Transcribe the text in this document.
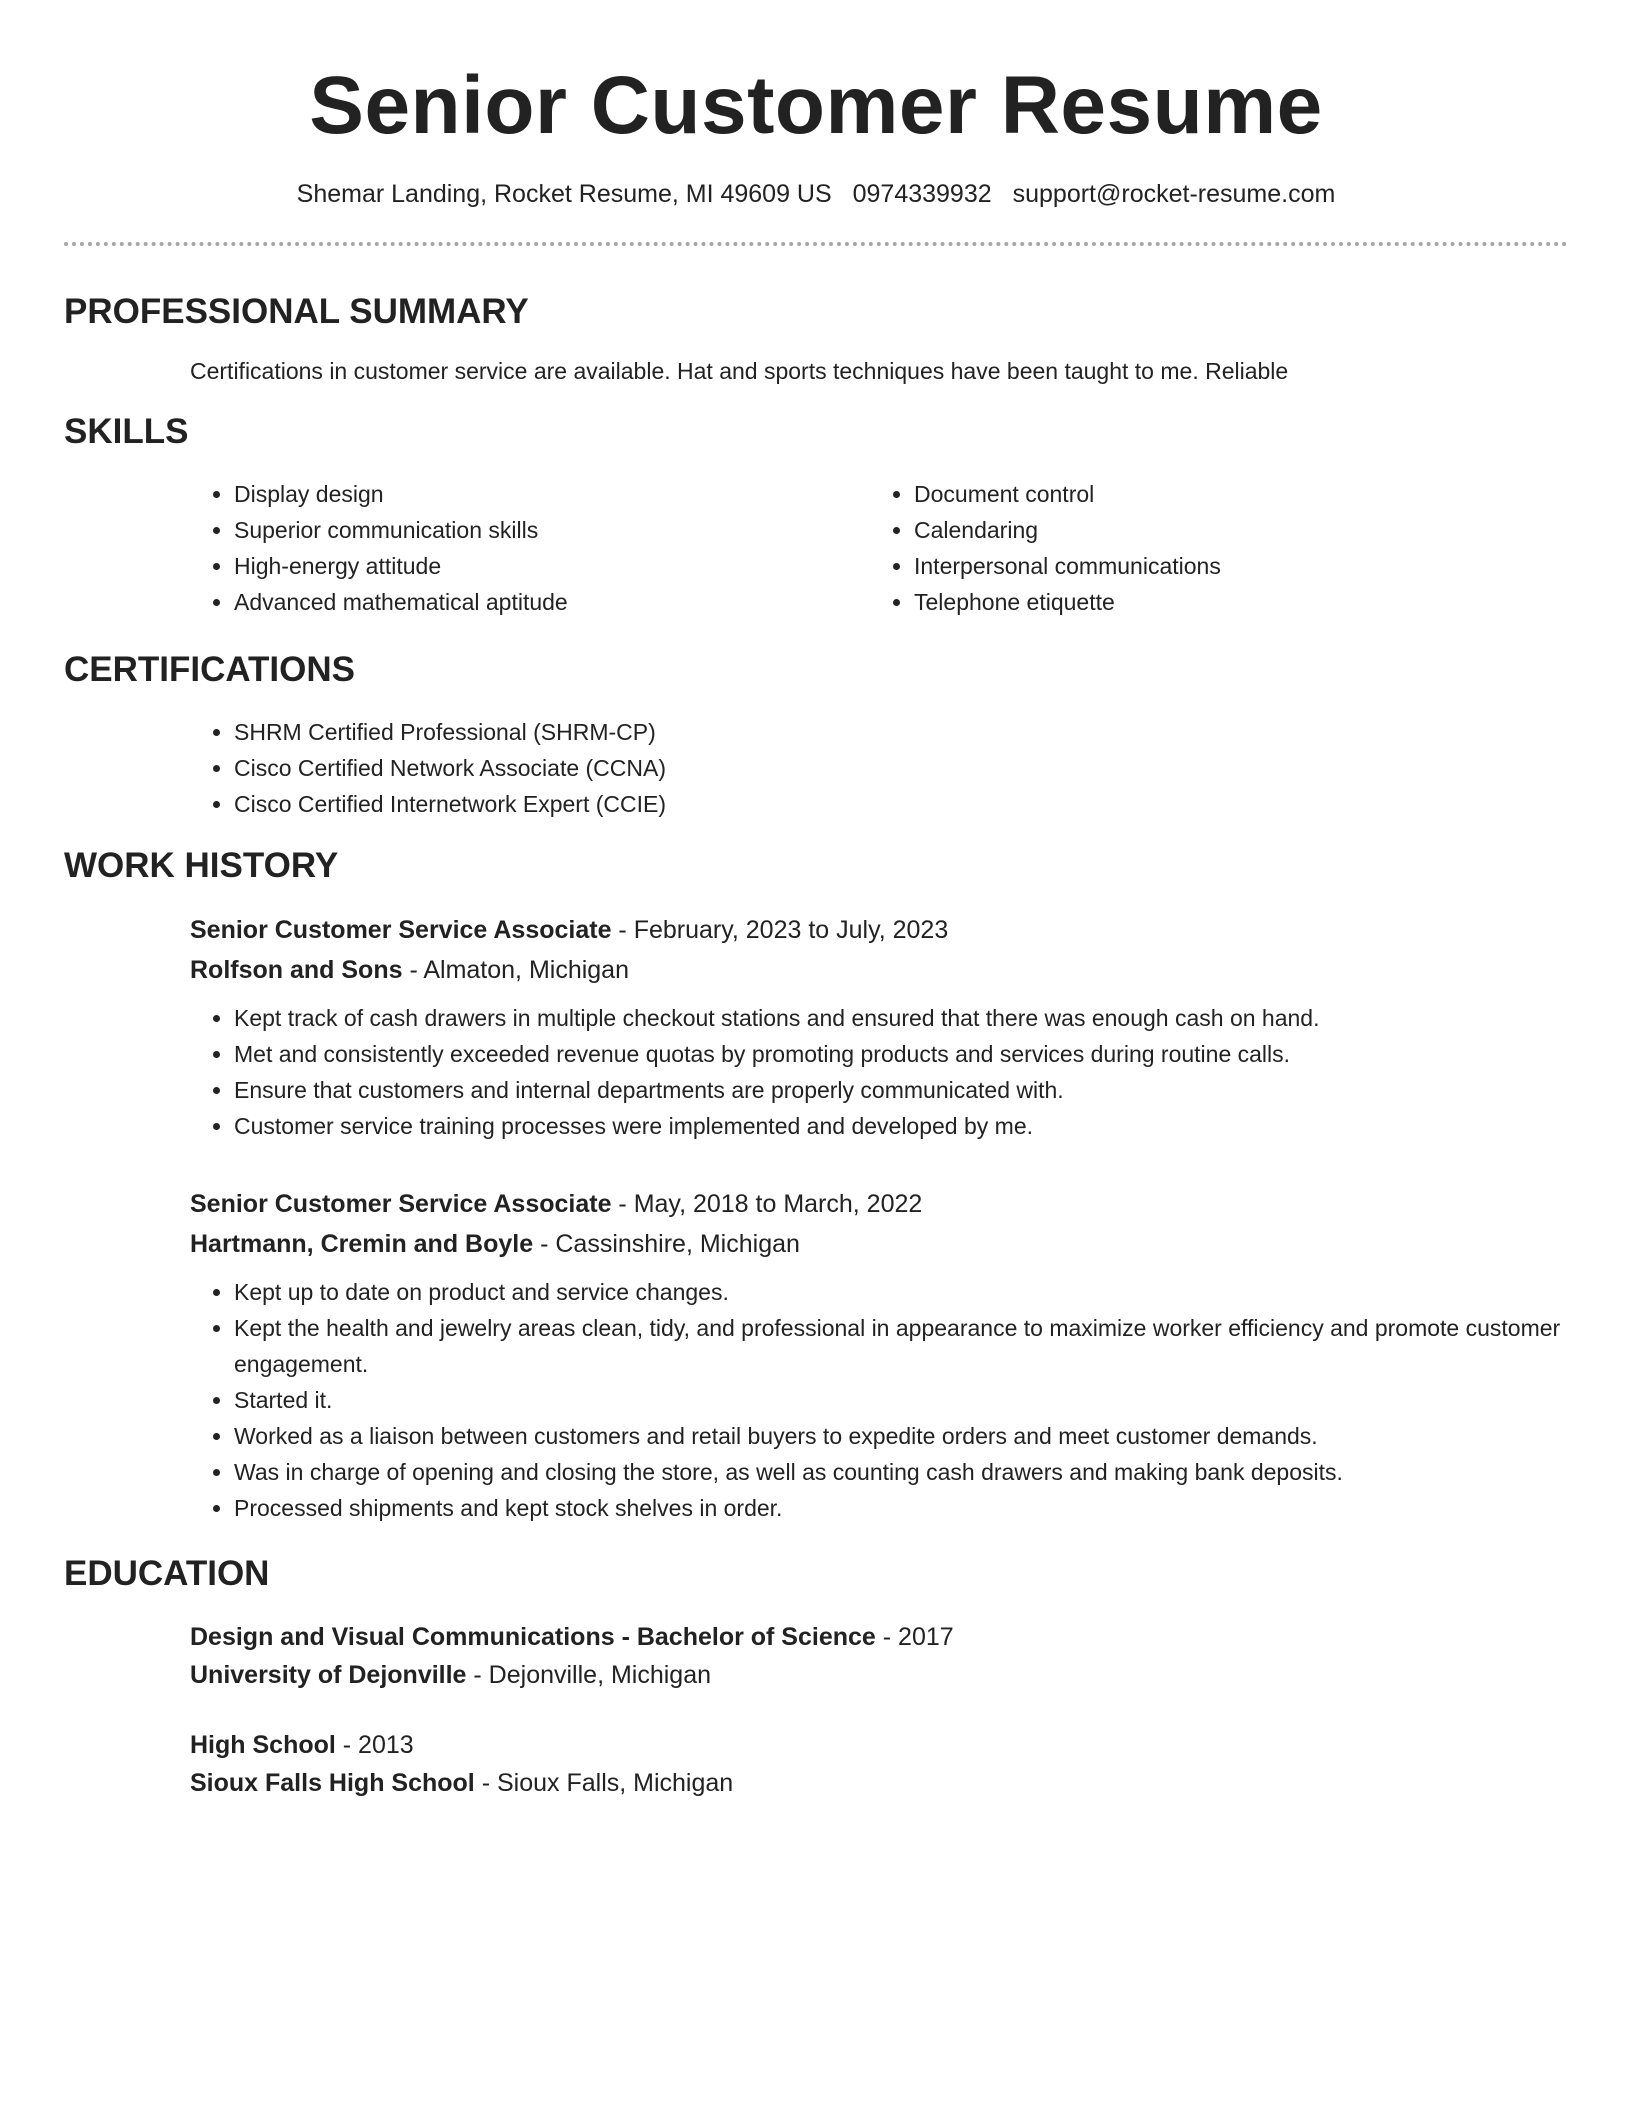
Senior Customer Resume
Shemar Landing, Rocket Resume, MI 49609 US 0974339932 support@rocket-resume.com
PROFESSIONAL SUMMARY

Certifications in customer service are available. Hat and sports techniques have been taught to me. Reliable

SKILLS
• Display design
• Superior communication skills
• High-energy attitude
• Advanced mathematical aptitude
• Document control
• Calendaring
• Interpersonal communications
• Telephone etiquette
CERTIFICATIONS
• SHRM Certified Professional (SHRM-CP)
• Cisco Certified Network Associate (CCNA)
• Cisco Certified Internetwork Expert (CCIE)
WORK HISTORY
Senior Customer Service Associate - February, 2023 to July, 2023
Rolfson and Sons - Almaton, Michigan
• Kept track of cash drawers in multiple checkout stations and ensured that there was enough cash on hand.
• Met and consistently exceeded revenue quotas by promoting products and services during routine calls.
• Ensure that customers and internal departments are properly communicated with.
• Customer service training processes were implemented and developed by me.
Senior Customer Service Associate - May, 2018 to March, 2022
Hartmann, Cremin and Boyle - Cassinshire, Michigan
• Kept up to date on product and service changes.
• Kept the health and jewelry areas clean, tidy, and professional in appearance to maximize worker efficiency and promote customer engagement.
• Started it.
• Worked as a liaison between customers and retail buyers to expedite orders and meet customer demands.
• Was in charge of opening and closing the store, as well as counting cash drawers and making bank deposits.
• Processed shipments and kept stock shelves in order.
EDUCATION
Design and Visual Communications - Bachelor of Science - 2017
University of Dejonville - Dejonville, Michigan
High School - 2013
Sioux Falls High School - Sioux Falls, Michigan
